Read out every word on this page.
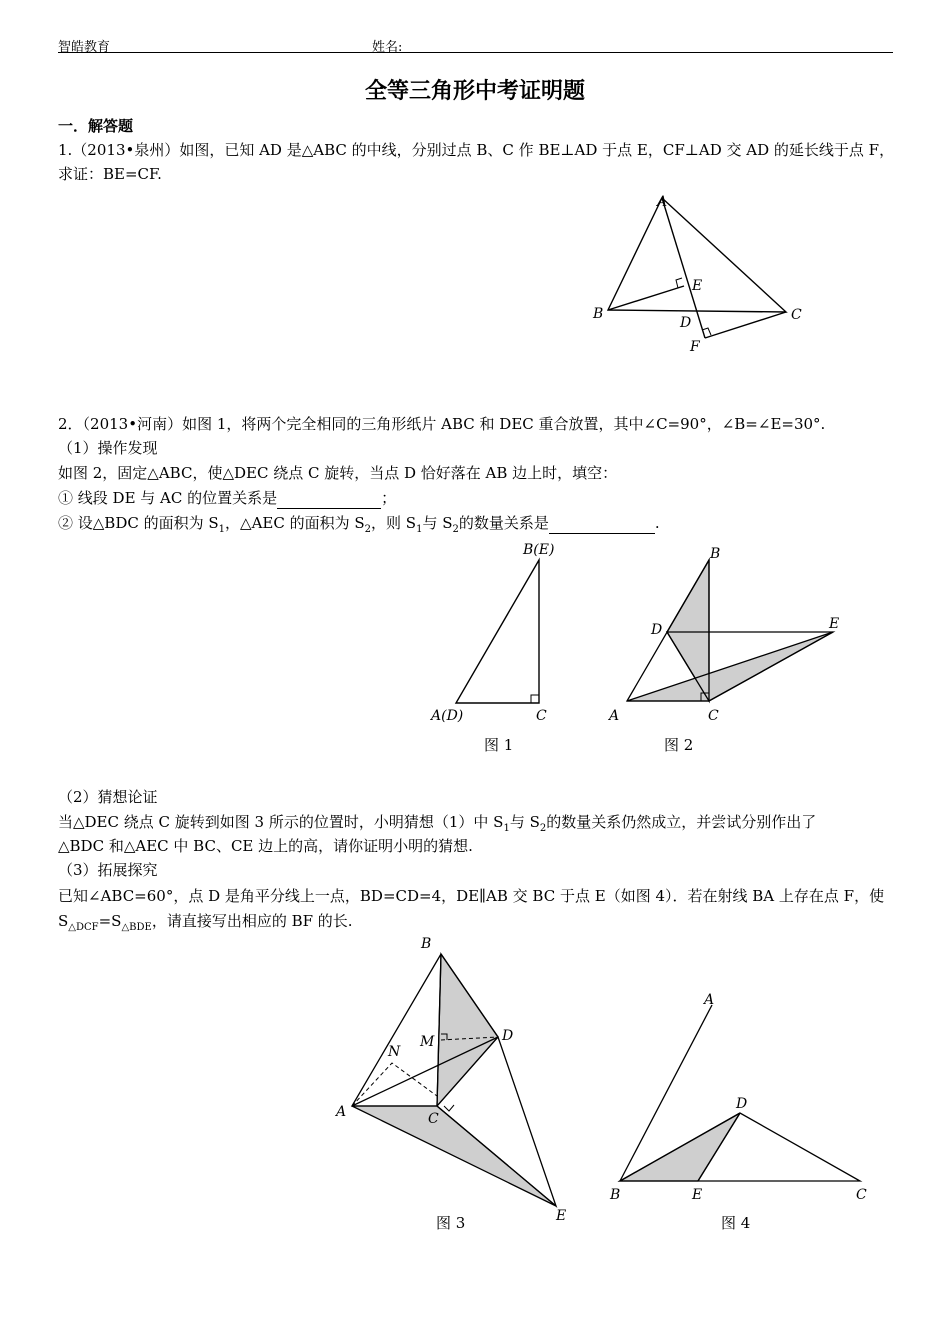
智皓教育	姓名:
全等三角形中考证明题
一．解答题
1.（2013•泉州）如图，已知 AD 是△ABC 的中线，分别过点 B、C 作 BE⊥AD 于点 E，CF⊥AD 交 AD 的延长线于点 F，
求证：BE=CF.
A
B	C
D
E
F
2．（2013•河南）如图 1，将两个完全相同的三角形纸片 ABC 和 DEC 重合放置，其中∠C=90°，∠B=∠E=30°.
（1）操作发现
如图 2，固定△ABC，使△DEC 绕点 C 旋转，当点 D 恰好落在 AB 边上时，填空：
① 线段 DE 与 AC 的位置关系是	；
② 设△BDC 的面积为 $S_1$，△AEC 的面积为 $S_2$，则 $S_1$与 $S_2$的数量关系是	.
B(E)
A(D)	C
图 1
B
D	E
A	C
图 2
（2）猜想论证
当△DEC 绕点 C 旋转到如图 3 所示的位置时，小明猜想（1）中 $S_1$与 $S_2$的数量关系仍然成立，并尝试分别作出了
△BDC 和△AEC 中 BC、CE 边上的高，请你证明小明的猜想.
（3）拓展探究
已知∠ABC=60°，点 D 是角平分线上一点，BD=CD=4，DE∥AB 交 BC 于点 E（如图 4）．若在射线 BA 上存在点 F，使
$S_{\triangle DCF}=S_{\triangle BDE}$，请直接写出相应的 BF 的长.
B
M	D
N
A	C
E
图 3
A
D
B	E	C
图 4
